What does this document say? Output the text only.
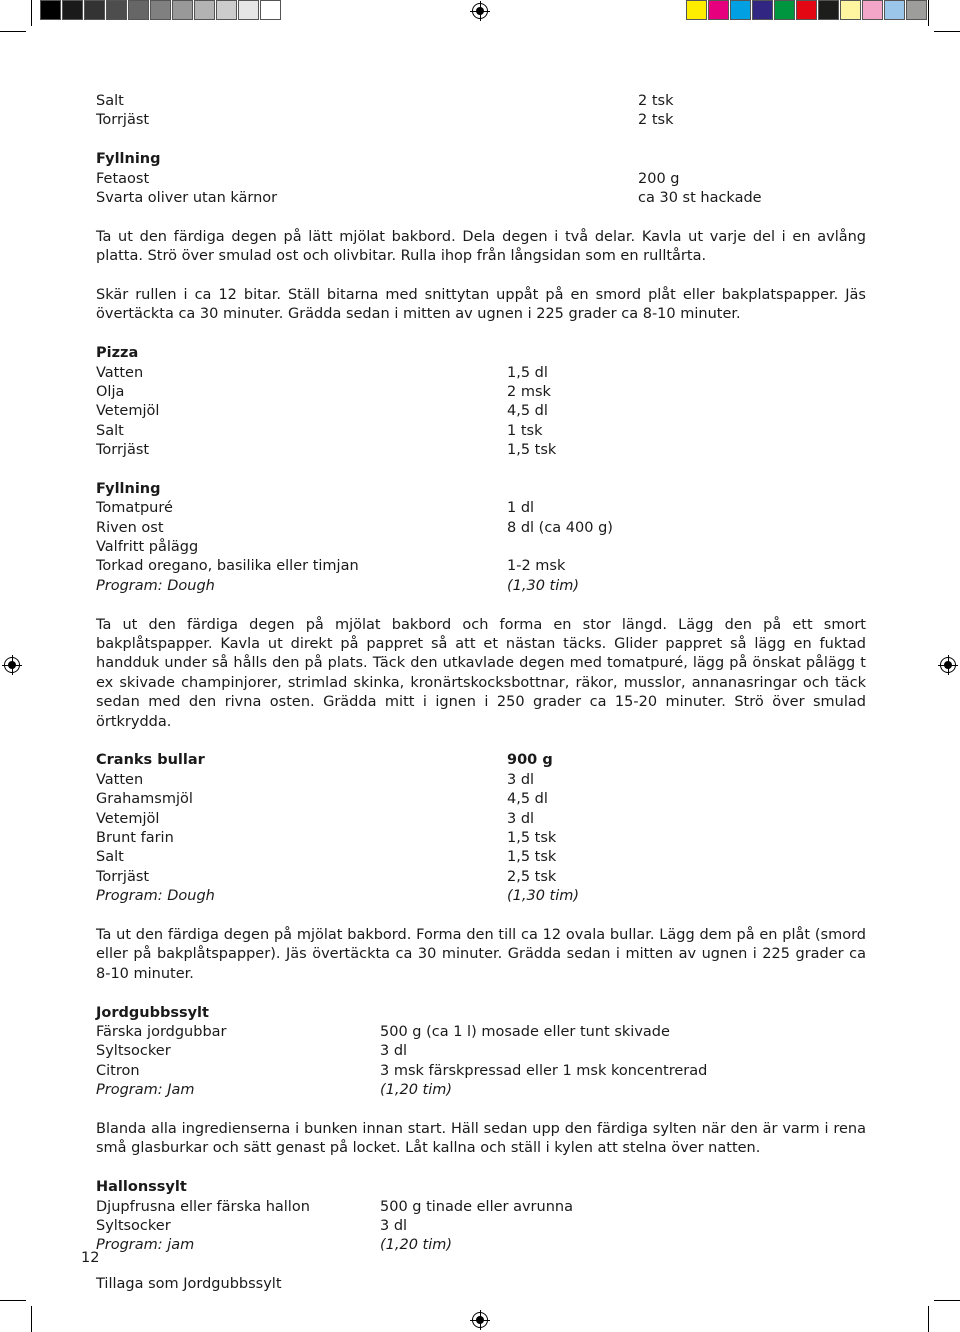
Salt	2 tsk
Torrjäst	2 tsk
Fyllning
Fetaost	200 g
Svarta oliver utan kärnor	ca 30 st hackade

Ta ut den färdiga degen på lätt mjölat bakbord. Dela degen i två delar. Kavla ut varje del i en avlång platta. Strö över smulad ost och olivbitar. Rulla ihop från långsidan som en rulltårta.

Skär rullen i ca 12 bitar. Ställ bitarna med snittytan uppåt på en smord plåt eller bakplatspapper. Jäs övertäckta ca 30 minuter. Grädda sedan i mitten av ugnen i 225 grader ca 8-10 minuter.

Pizza
Vatten	1,5 dl
Olja	2 msk
Vetemjöl	4,5 dl
Salt	1 tsk
Torrjäst	1,5 tsk
Fyllning
Tomatpuré	1 dl
Riven ost	8 dl (ca 400 g)
Valfritt pålägg
Torkad oregano, basilika eller timjan	1-2 msk
Program: Dough	(1,30 tim)

Ta ut den färdiga degen på mjölat bakbord och forma en stor längd. Lägg den på ett smort bakplåtspapper. Kavla ut direkt på pappret så att et nästan täcks. Glider pappret så lägg en fuktad handduk under så hålls den på plats. Täck den utkavlade degen med tomatpuré, lägg på önskat pålägg t ex skivade champinjorer, strimlad skinka, kronärtskocksbottnar, räkor, musslor, annanasringar och täck sedan med den rivna osten. Grädda mitt i ignen i 250 grader ca 15-20 minuter. Strö över smulad örtkrydda.

Cranks bullar	900 g
Vatten	3 dl
Grahamsmjöl	4,5 dl
Vetemjöl	3 dl
Brunt farin	1,5 tsk
Salt	1,5 tsk
Torrjäst	2,5 tsk
Program: Dough	(1,30 tim)

Ta ut den färdiga degen på mjölat bakbord. Forma den till ca 12 ovala bullar. Lägg dem på en plåt (smord eller på bakplåtspapper). Jäs övertäckta ca 30 minuter. Grädda sedan i mitten av ugnen i 225 grader ca 8-10 minuter.

Jordgubbssylt
Färska jordgubbar	500 g (ca 1 l) mosade eller tunt skivade
Syltsocker	3 dl
Citron	3 msk färskpressad eller 1 msk koncentrerad
Program: Jam	(1,20 tim)

Blanda alla ingredienserna i bunken innan start. Häll sedan upp den färdiga sylten när den är varm i rena små glasburkar och sätt genast på locket. Låt kallna och ställ i kylen att stelna över natten.

Hallonssylt
Djupfrusna eller färska hallon	500 g tinade eller avrunna
Syltsocker	3 dl
Program: jam	(1,20 tim)
Tillaga som Jordgubbssylt
12
